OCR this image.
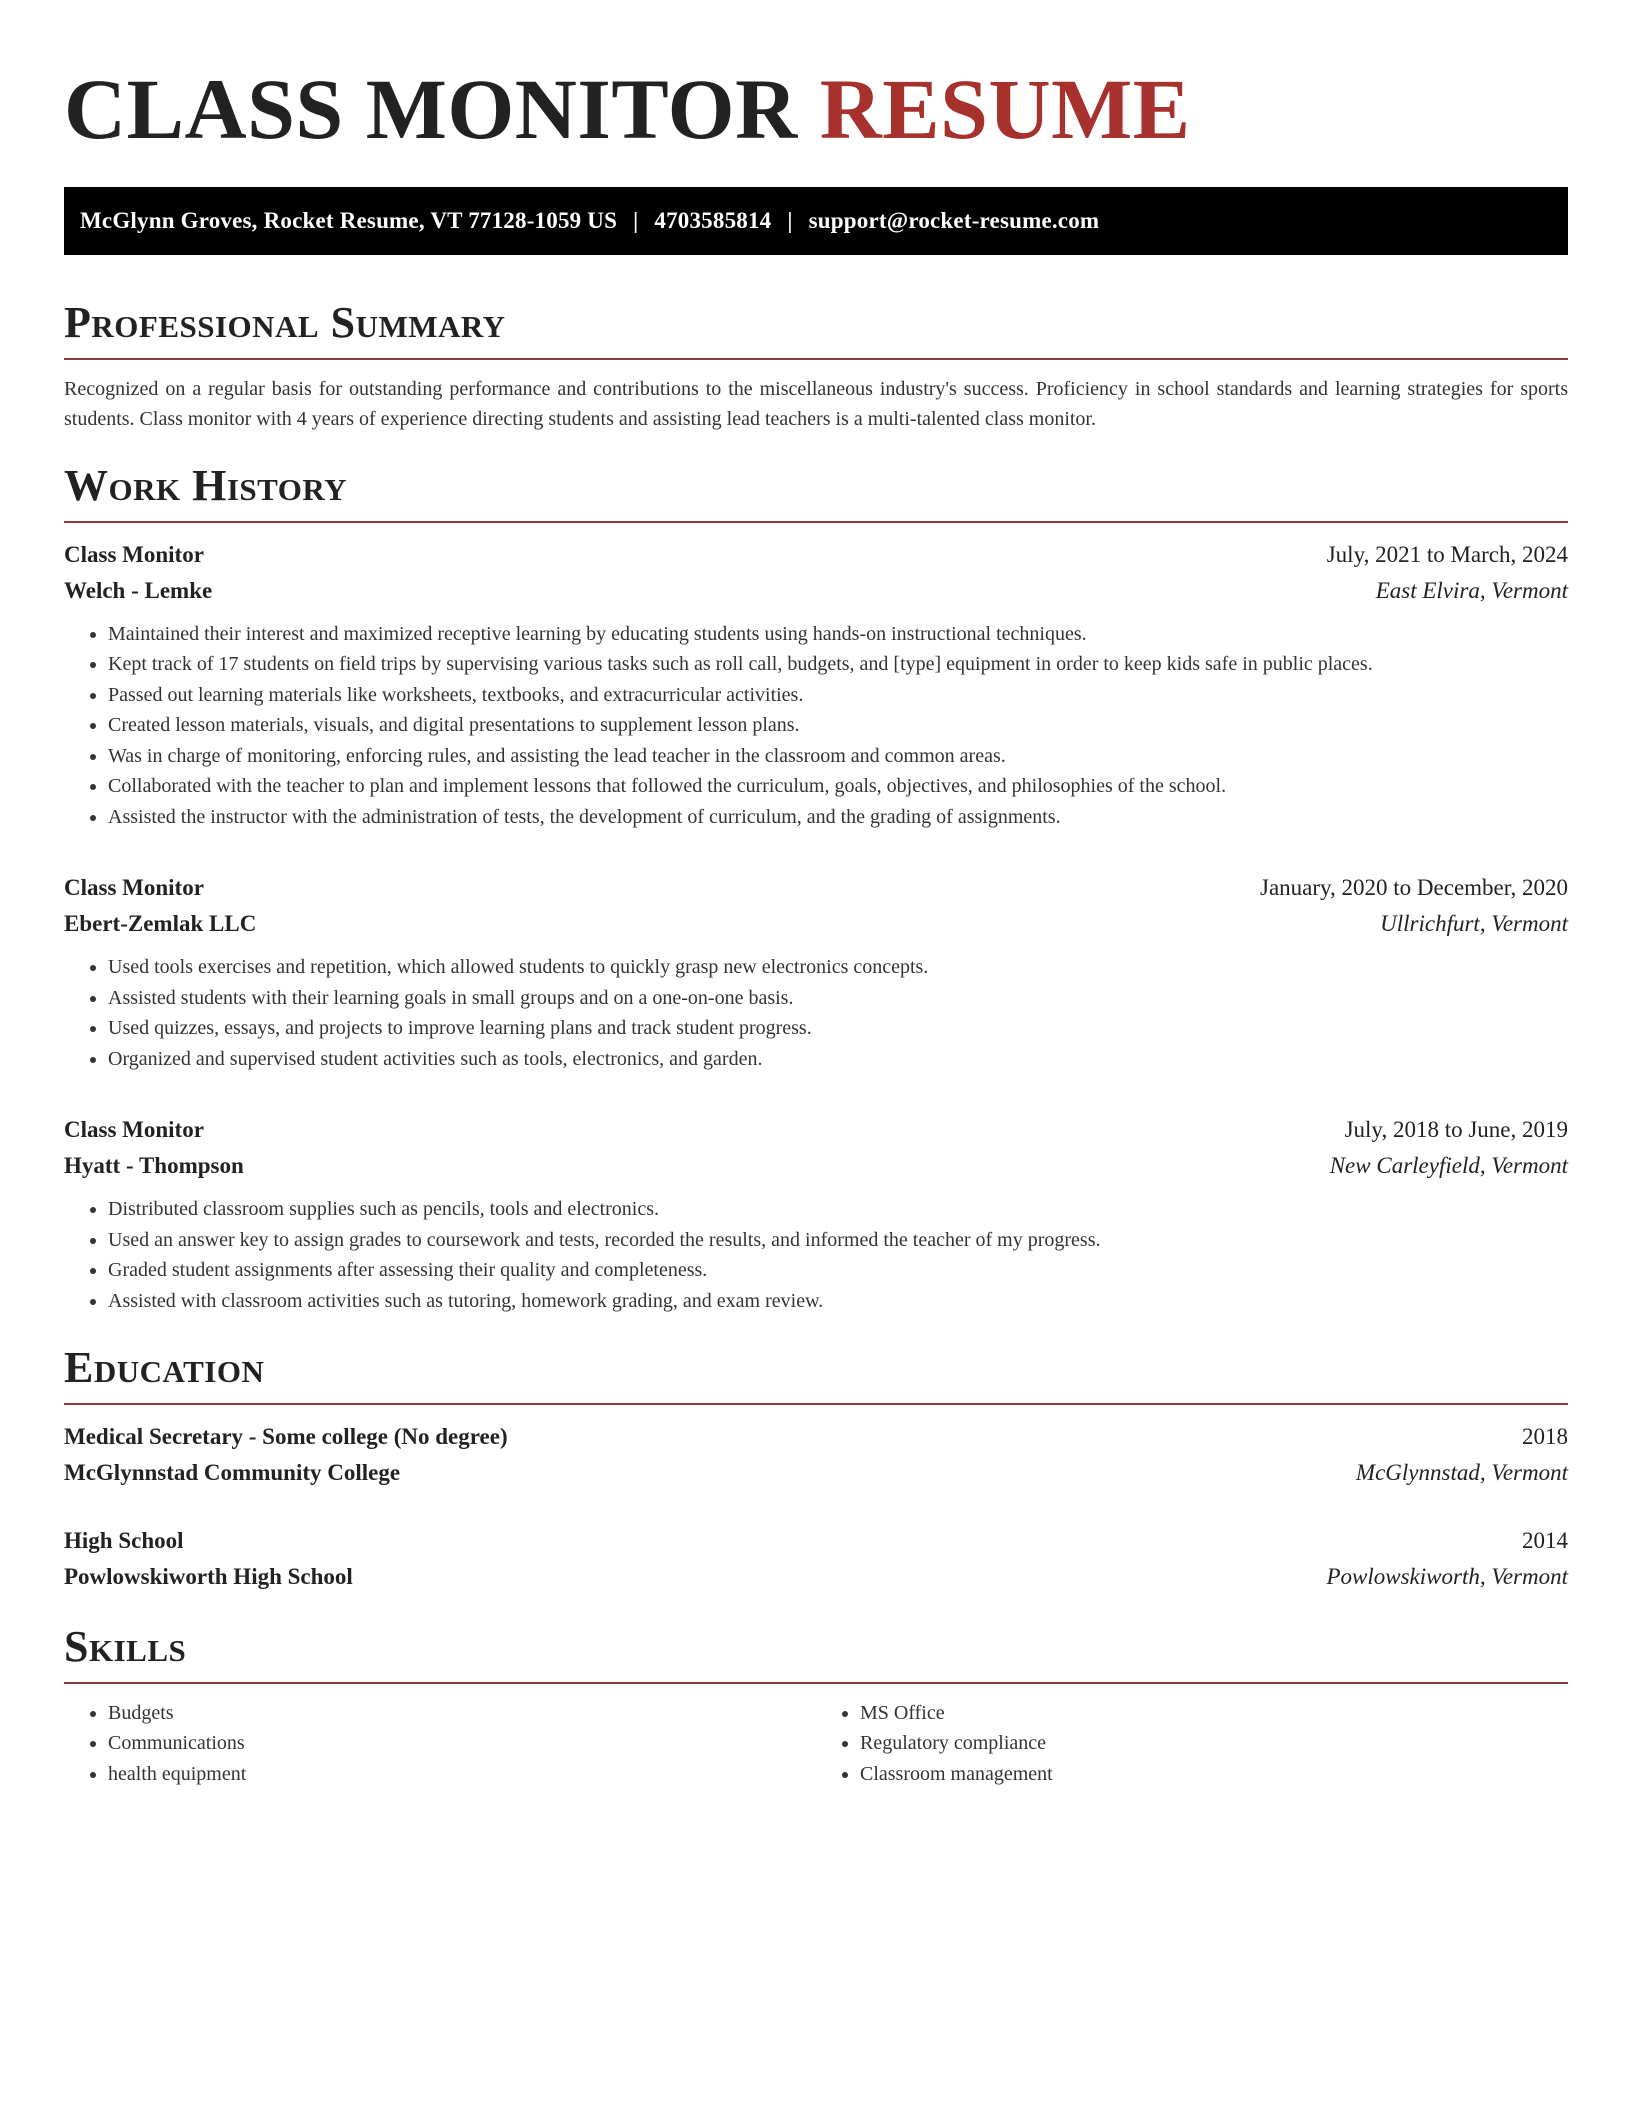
CLASS MONITOR RESUME
McGlynn Groves, Rocket Resume, VT 77128-1059 US | 4703585814 | support@rocket-resume.com
Professional Summary

Recognized on a regular basis for outstanding performance and contributions to the miscellaneous industry's success. Proficiency in school standards and learning strategies for sports students. Class monitor with 4 years of experience directing students and assisting lead teachers is a multi-talented class monitor.

Work History
Class Monitor	July, 2021 to March, 2024
Welch - Lemke	East Elvira, Vermont
• Maintained their interest and maximized receptive learning by educating students using hands-on instructional techniques.
• Kept track of 17 students on field trips by supervising various tasks such as roll call, budgets, and [type] equipment in order to keep kids safe in public places.
• Passed out learning materials like worksheets, textbooks, and extracurricular activities.
• Created lesson materials, visuals, and digital presentations to supplement lesson plans.
• Was in charge of monitoring, enforcing rules, and assisting the lead teacher in the classroom and common areas.
• Collaborated with the teacher to plan and implement lessons that followed the curriculum, goals, objectives, and philosophies of the school.
• Assisted the instructor with the administration of tests, the development of curriculum, and the grading of assignments.
Class Monitor	January, 2020 to December, 2020
Ebert-Zemlak LLC	Ullrichfurt, Vermont
• Used tools exercises and repetition, which allowed students to quickly grasp new electronics concepts.
• Assisted students with their learning goals in small groups and on a one-on-one basis.
• Used quizzes, essays, and projects to improve learning plans and track student progress.
• Organized and supervised student activities such as tools, electronics, and garden.
Class Monitor	July, 2018 to June, 2019
Hyatt - Thompson	New Carleyfield, Vermont
• Distributed classroom supplies such as pencils, tools and electronics.
• Used an answer key to assign grades to coursework and tests, recorded the results, and informed the teacher of my progress.
• Graded student assignments after assessing their quality and completeness.
• Assisted with classroom activities such as tutoring, homework grading, and exam review.
Education
Medical Secretary - Some college (No degree)	2018
McGlynnstad Community College	McGlynnstad, Vermont
High School	2014
Powlowskiworth High School	Powlowskiworth, Vermont
Skills
• Budgets
• Communications
• health equipment
• MS Office
• Regulatory compliance
• Classroom management
